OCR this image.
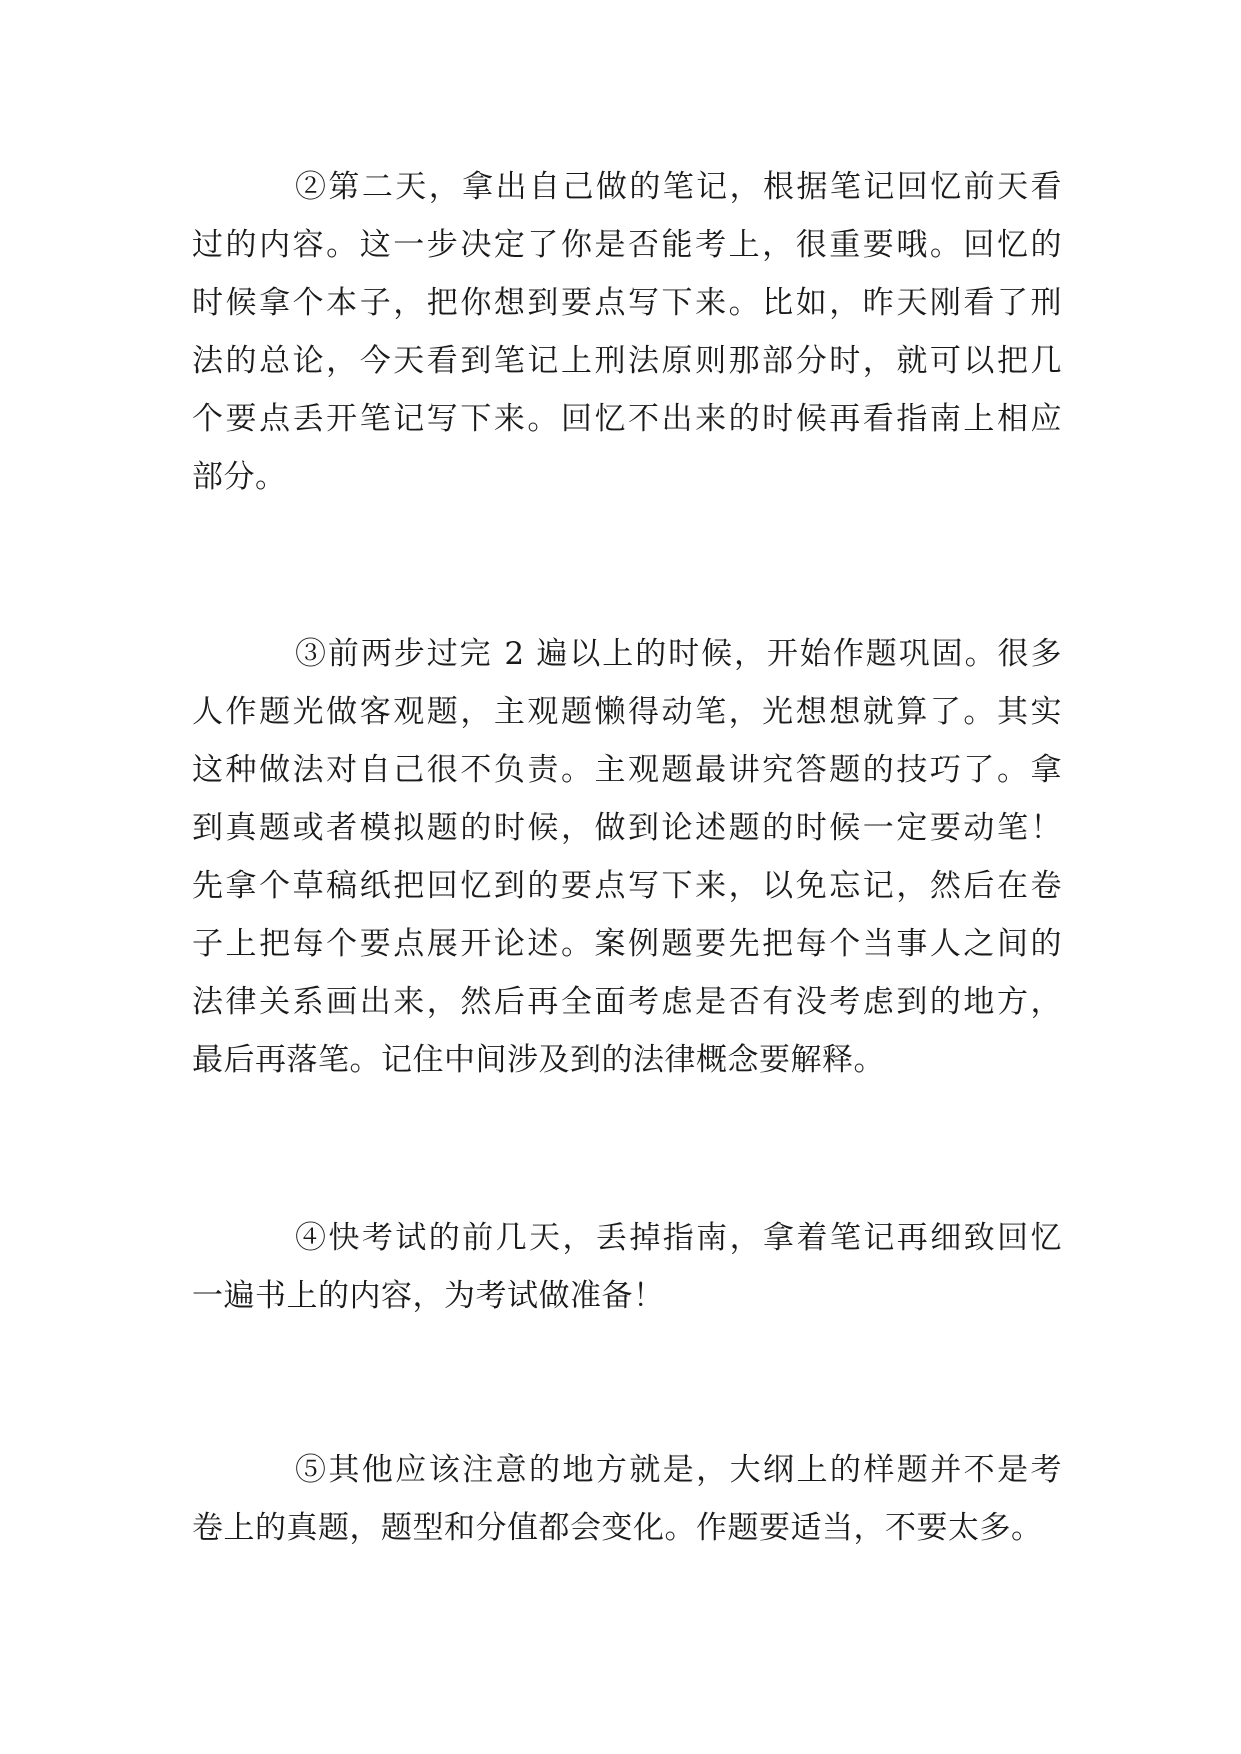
②第二天，拿出自己做的笔记，根据笔记回忆前天看
过的内容。这一步决定了你是否能考上，很重要哦。回忆的
时候拿个本子，把你想到要点写下来。比如，昨天刚看了刑
法的总论，今天看到笔记上刑法原则那部分时，就可以把几
个要点丢开笔记写下来。回忆不出来的时候再看指南上相应
部分。
③前两步过完 2 遍以上的时候，开始作题巩固。很多
人作题光做客观题，主观题懒得动笔，光想想就算了。其实
这种做法对自己很不负责。主观题最讲究答题的技巧了。拿
到真题或者模拟题的时候，做到论述题的时候一定要动笔！
先拿个草稿纸把回忆到的要点写下来，以免忘记，然后在卷
子上把每个要点展开论述。案例题要先把每个当事人之间的
法律关系画出来，然后再全面考虑是否有没考虑到的地方，
最后再落笔。记住中间涉及到的法律概念要解释。
④快考试的前几天，丢掉指南，拿着笔记再细致回忆
一遍书上的内容，为考试做准备！
⑤其他应该注意的地方就是，大纲上的样题并不是考
卷上的真题，题型和分值都会变化。作题要适当，不要太多。
